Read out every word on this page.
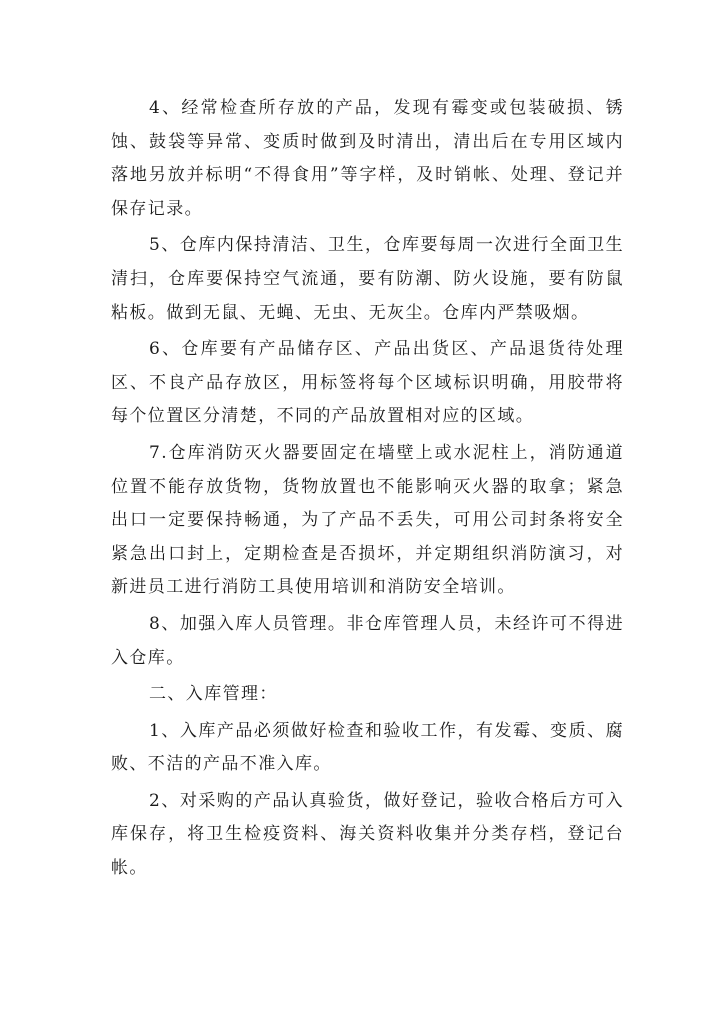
4、经常检查所存放的产品，发现有霉变或包装破损、锈蚀、鼓袋等异常、变质时做到及时清出，清出后在专用区域内落地另放并标明“不得食用”等字样，及时销帐、处理、登记并保存记录。

5、仓库内保持清洁、卫生，仓库要每周一次进行全面卫生清扫，仓库要保持空气流通，要有防潮、防火设施，要有防鼠粘板。做到无鼠、无蝇、无虫、无灰尘。仓库内严禁吸烟。

6、仓库要有产品储存区、产品出货区、产品退货待处理区、不良产品存放区，用标签将每个区域标识明确，用胶带将每个位置区分清楚，不同的产品放置相对应的区域。

7.仓库消防灭火器要固定在墙壁上或水泥柱上，消防通道位置不能存放货物，货物放置也不能影响灭火器的取拿；紧急出口一定要保持畅通，为了产品不丢失，可用公司封条将安全紧急出口封上，定期检查是否损坏，并定期组织消防演习，对新进员工进行消防工具使用培训和消防安全培训。

8、加强入库人员管理。非仓库管理人员，未经许可不得进入仓库。

二、入库管理：

1、入库产品必须做好检查和验收工作，有发霉、变质、腐败、不洁的产品不准入库。

2、对采购的产品认真验货，做好登记，验收合格后方可入库保存，将卫生检疫资料、海关资料收集并分类存档，登记台帐。
